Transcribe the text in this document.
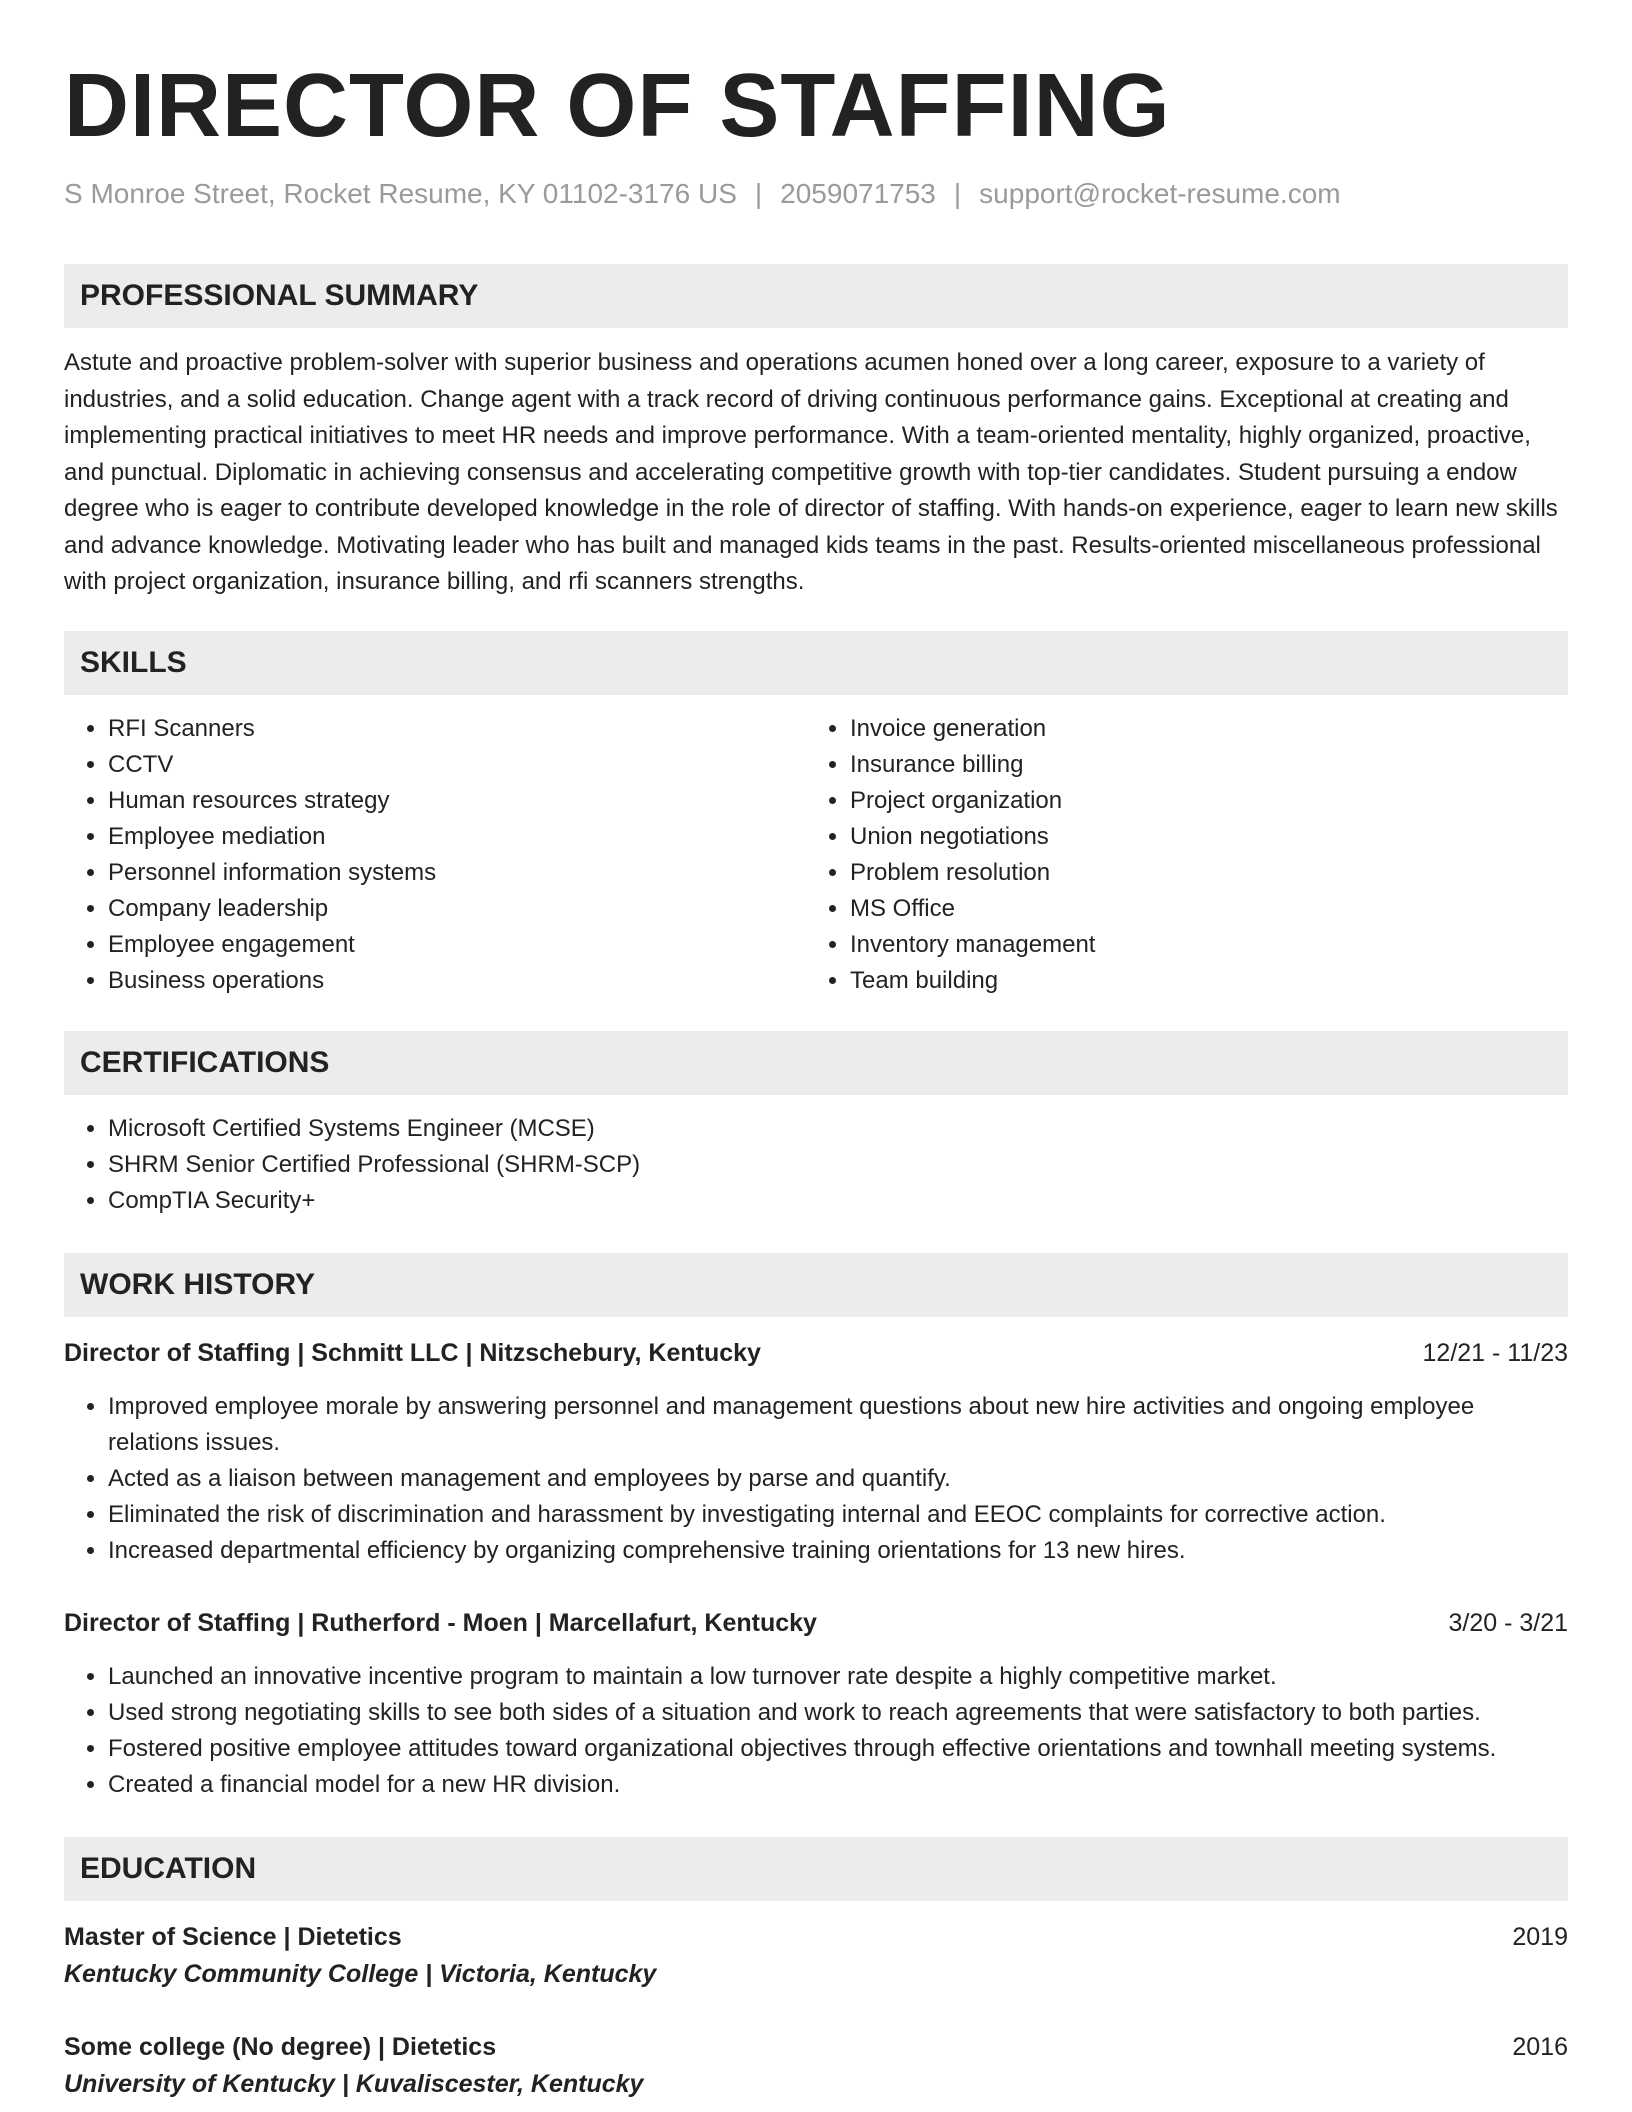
DIRECTOR OF STAFFING
S Monroe Street, Rocket Resume, KY 01102-3176 US | 2059071753 | support@rocket-resume.com
PROFESSIONAL SUMMARY
Astute and proactive problem-solver with superior business and operations acumen honed over a long career, exposure to a variety of industries, and a solid education. Change agent with a track record of driving continuous performance gains. Exceptional at creating and implementing practical initiatives to meet HR needs and improve performance. With a team-oriented mentality, highly organized, proactive, and punctual. Diplomatic in achieving consensus and accelerating competitive growth with top-tier candidates. Student pursuing a endow degree who is eager to contribute developed knowledge in the role of director of staffing. With hands-on experience, eager to learn new skills and advance knowledge. Motivating leader who has built and managed kids teams in the past. Results-oriented miscellaneous professional with project organization, insurance billing, and rfi scanners strengths.
SKILLS
• RFI Scanners
• CCTV
• Human resources strategy
• Employee mediation
• Personnel information systems
• Company leadership
• Employee engagement
• Business operations
• Invoice generation
• Insurance billing
• Project organization
• Union negotiations
• Problem resolution
• MS Office
• Inventory management
• Team building
CERTIFICATIONS
• Microsoft Certified Systems Engineer (MCSE)
• SHRM Senior Certified Professional (SHRM-SCP)
• CompTIA Security+
WORK HISTORY
Director of Staffing | Schmitt LLC | Nitzschebury, Kentucky	12/21 - 11/23
• Improved employee morale by answering personnel and management questions about new hire activities and ongoing employee relations issues.
• Acted as a liaison between management and employees by parse and quantify.
• Eliminated the risk of discrimination and harassment by investigating internal and EEOC complaints for corrective action.
• Increased departmental efficiency by organizing comprehensive training orientations for 13 new hires.
Director of Staffing | Rutherford - Moen | Marcellafurt, Kentucky	3/20 - 3/21
• Launched an innovative incentive program to maintain a low turnover rate despite a highly competitive market.
• Used strong negotiating skills to see both sides of a situation and work to reach agreements that were satisfactory to both parties.
• Fostered positive employee attitudes toward organizational objectives through effective orientations and townhall meeting systems.
• Created a financial model for a new HR division.
EDUCATION
Master of Science | Dietetics	2019
Kentucky Community College | Victoria, Kentucky
Some college (No degree) | Dietetics	2016
University of Kentucky | Kuvaliscester, Kentucky
